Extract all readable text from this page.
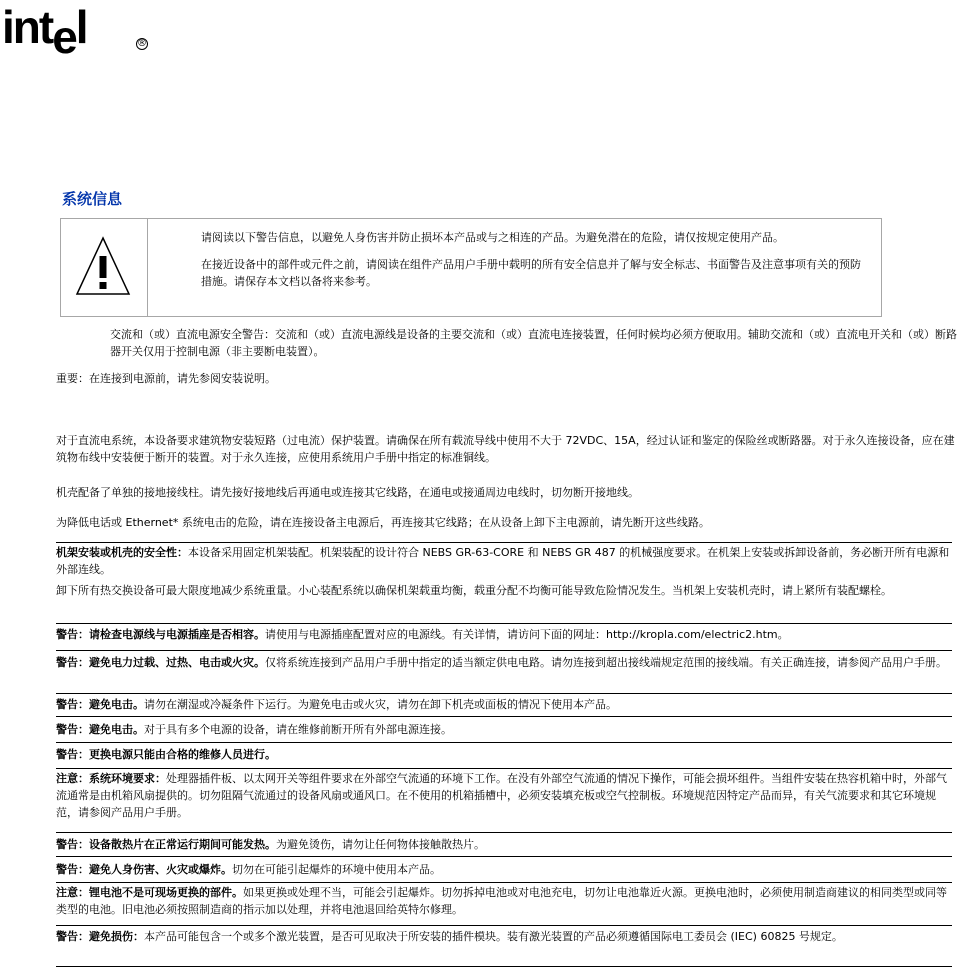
intel	®
系统信息

请阅读以下警告信息，以避免人身伤害并防止损坏本产品或与之相连的产品。为避免潜在的危险，请仅按规定使用产品。

在接近设备中的部件或元件之前，请阅读在组件产品用户手册中载明的所有安全信息并了解与安全标志、书面警告及注意事项有关的预防措施。请保存本文档以备将来参考。

交流和（或）直流电源安全警告：交流和（或）直流电源线是设备的主要交流和（或）直流电连接装置，任何时候均必须方便取用。辅助交流和（或）直流电开关和（或）断路器开关仅用于控制电源（非主要断电装置）。

重要：在连接到电源前，请先参阅安装说明。

对于直流电系统，本设备要求建筑物安装短路（过电流）保护装置。请确保在所有载流导线中使用不大于 72VDC、15A，经过认证和鉴定的保险丝或断路器。对于永久连接设备，应在建筑物布线中安装便于断开的装置。对于永久连接，应使用系统用户手册中指定的标准铜线。

机壳配备了单独的接地接线柱。请先接好接地线后再通电或连接其它线路，在通电或接通周边电线时，切勿断开接地线。

为降低电话或 Ethernet* 系统电击的危险，请在连接设备主电源后，再连接其它线路；在从设备上卸下主电源前，请先断开这些线路。

机架安装或机壳的安全性：本设备采用固定机架装配。机架装配的设计符合 NEBS GR-63-CORE 和 NEBS GR 487 的机械强度要求。在机架上安装或拆卸设备前，务必断开所有电源和外部连线。

卸下所有热交换设备可最大限度地减少系统重量。小心装配系统以确保机架载重均衡，载重分配不均衡可能导致危险情况发生。当机架上安装机壳时，请上紧所有装配螺栓。

警告：请检查电源线与电源插座是否相容。请使用与电源插座配置对应的电源线。有关详情，请访问下面的网址：http://kropla.com/electric2.htm。

警告：避免电力过载、过热、电击或火灾。仅将系统连接到产品用户手册中指定的适当额定供电电路。请勿连接到超出接线端规定范围的接线端。有关正确连接，请参阅产品用户手册。

警告：避免电击。请勿在潮湿或冷凝条件下运行。为避免电击或火灾，请勿在卸下机壳或面板的情况下使用本产品。

警告：避免电击。对于具有多个电源的设备，请在维修前断开所有外部电源连接。

警告：更换电源只能由合格的维修人员进行。

注意：系统环境要求：处理器插件板、以太网开关等组件要求在外部空气流通的环境下工作。在没有外部空气流通的情况下操作，可能会损坏组件。当组件安装在热容机箱中时，外部气流通常是由机箱风扇提供的。切勿阻隔气流通过的设备风扇或通风口。在不使用的机箱插槽中，必须安装填充板或空气控制板。环境规范因特定产品而异，有关气流要求和其它环境规范，请参阅产品用户手册。

警告：设备散热片在正常运行期间可能发热。为避免烫伤，请勿让任何物体接触散热片。

警告：避免人身伤害、火灾或爆炸。切勿在可能引起爆炸的环境中使用本产品。

注意：锂电池不是可现场更换的部件。如果更换或处理不当，可能会引起爆炸。切勿拆掉电池或对电池充电，切勿让电池靠近火源。更换电池时，必须使用制造商建议的相同类型或同等类型的电池。旧电池必须按照制造商的指示加以处理，并将电池退回给英特尔修理。

警告：避免损伤：本产品可能包含一个或多个激光装置，是否可见取决于所安装的插件模块。装有激光装置的产品必须遵循国际电工委员会 (IEC) 60825 号规定。
